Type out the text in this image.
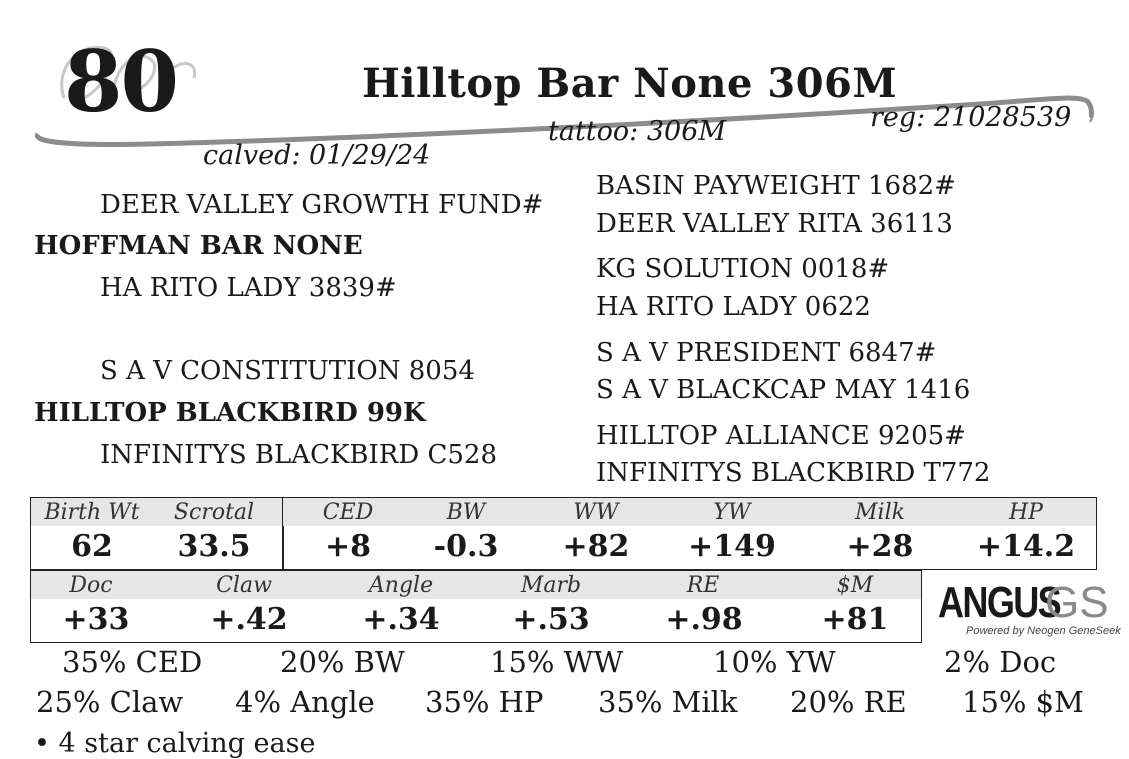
80	Hilltop Bar None 306M
tattoo: 306M	reg: 21028539
calved: 01/29/24
DEER VALLEY GROWTH FUND#
HOFFMAN BAR NONE
HA RITO LADY 3839#
S A V CONSTITUTION 8054
HILLTOP BLACKBIRD 99K
INFINITYS BLACKBIRD C528
BASIN PAYWEIGHT 1682#
DEER VALLEY RITA 36113
KG SOLUTION 0018#
HA RITO LADY 0622
S A V PRESIDENT 6847#
S A V BLACKCAP MAY 1416
HILLTOP ALLIANCE 9205#
INFINITYS BLACKBIRD T772
Birth Wt	Scrotal
62	33.5
CED	BW	WW	YW	Milk	HP
+8	-0.3	+82	+149	+28	+14.2
Doc	Claw	Angle	Marb	RE	$M
+33	+.42	+.34	+.53	+.98	+81	ANGUS
GS
Powered by Neogen GeneSeek
35% CED	20% BW	15% WW	10% YW	2% Doc
25% Claw 4% Angle 35% HP 35% Milk 20% RE 15% $M
• 4 star calving ease
